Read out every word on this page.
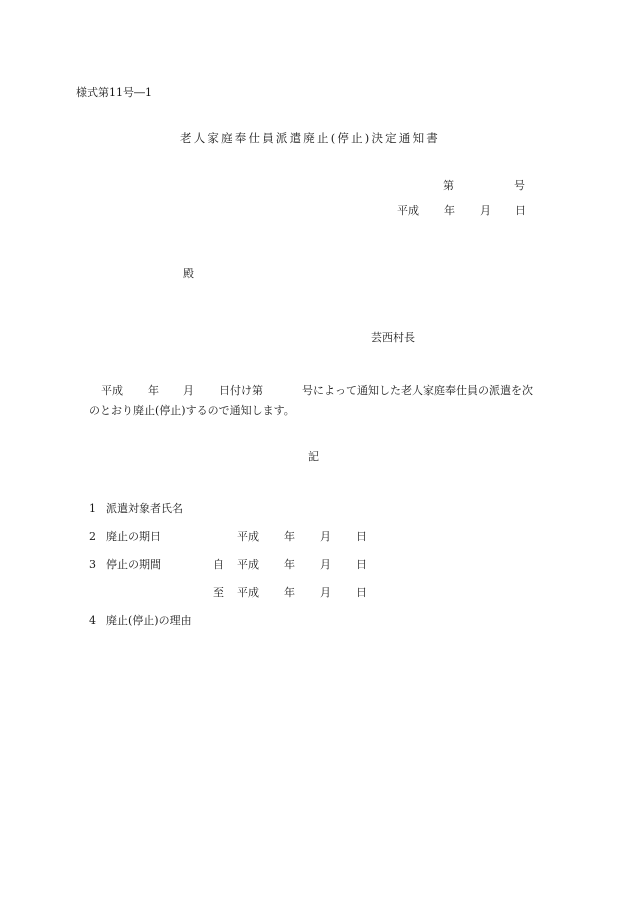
様式第11号―1
老人家庭奉仕員派遣廃止(停止)決定通知書
第	号
平成 年 月 日
殿
芸西村長
平成 年 月 日付け第	号によって通知した老人家庭奉仕員の派遣を次
のとおり廃止(停止)するので通知します。
記
1 派遣対象者氏名
2 廃止の期日	平成 年 月 日
3 停止の期間	自 平成 年 月 日
至 平成 年 月 日
4 廃止(停止)の理由
